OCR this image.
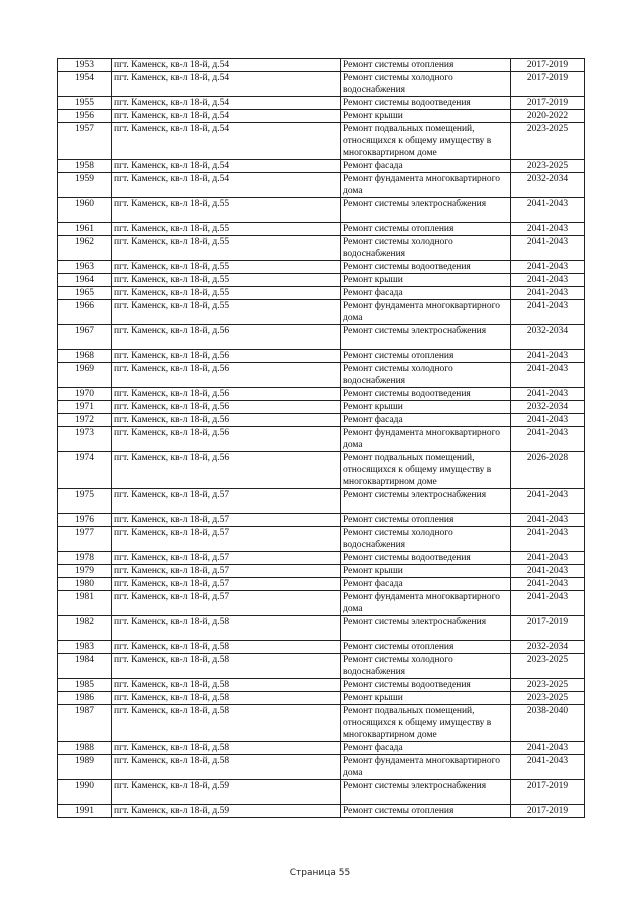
1953	пгт. Каменск, кв-л 18-й, д.54	Ремонт системы отопления	2017-2019
1954	пгт. Каменск, кв-л 18-й, д.54	Ремонт системы холодного водоснабжения	2017-2019
1955	пгт. Каменск, кв-л 18-й, д.54	Ремонт системы водоотведения	2017-2019
1956	пгт. Каменск, кв-л 18-й, д.54	Ремонт крыши	2020-2022
1957	пгт. Каменск, кв-л 18-й, д.54	Ремонт подвальных помещений, относящихся к общему имуществу в многоквартирном доме	2023-2025
1958	пгт. Каменск, кв-л 18-й, д.54	Ремонт фасада	2023-2025
1959	пгт. Каменск, кв-л 18-й, д.54	Ремонт фундамента многоквартирного дома	2032-2034
1960	пгт. Каменск, кв-л 18-й, д.55	Ремонт системы электроснабжения	2041-2043
1961	пгт. Каменск, кв-л 18-й, д.55	Ремонт системы отопления	2041-2043
1962	пгт. Каменск, кв-л 18-й, д.55	Ремонт системы холодного водоснабжения	2041-2043
1963	пгт. Каменск, кв-л 18-й, д.55	Ремонт системы водоотведения	2041-2043
1964	пгт. Каменск, кв-л 18-й, д.55	Ремонт крыши	2041-2043
1965	пгт. Каменск, кв-л 18-й, д.55	Ремонт фасада	2041-2043
1966	пгт. Каменск, кв-л 18-й, д.55	Ремонт фундамента многоквартирного дома	2041-2043
1967	пгт. Каменск, кв-л 18-й, д.56	Ремонт системы электроснабжения	2032-2034
1968	пгт. Каменск, кв-л 18-й, д.56	Ремонт системы отопления	2041-2043
1969	пгт. Каменск, кв-л 18-й, д.56	Ремонт системы холодного водоснабжения	2041-2043
1970	пгт. Каменск, кв-л 18-й, д.56	Ремонт системы водоотведения	2041-2043
1971	пгт. Каменск, кв-л 18-й, д.56	Ремонт крыши	2032-2034
1972	пгт. Каменск, кв-л 18-й, д.56	Ремонт фасада	2041-2043
1973	пгт. Каменск, кв-л 18-й, д.56	Ремонт фундамента многоквартирного дома	2041-2043
1974	пгт. Каменск, кв-л 18-й, д.56	Ремонт подвальных помещений, относящихся к общему имуществу в многоквартирном доме	2026-2028
1975	пгт. Каменск, кв-л 18-й, д.57	Ремонт системы электроснабжения	2041-2043
1976	пгт. Каменск, кв-л 18-й, д.57	Ремонт системы отопления	2041-2043
1977	пгт. Каменск, кв-л 18-й, д.57	Ремонт системы холодного водоснабжения	2041-2043
1978	пгт. Каменск, кв-л 18-й, д.57	Ремонт системы водоотведения	2041-2043
1979	пгт. Каменск, кв-л 18-й, д.57	Ремонт крыши	2041-2043
1980	пгт. Каменск, кв-л 18-й, д.57	Ремонт фасада	2041-2043
1981	пгт. Каменск, кв-л 18-й, д.57	Ремонт фундамента многоквартирного дома	2041-2043
1982	пгт. Каменск, кв-л 18-й, д.58	Ремонт системы электроснабжения	2017-2019
1983	пгт. Каменск, кв-л 18-й, д.58	Ремонт системы отопления	2032-2034
1984	пгт. Каменск, кв-л 18-й, д.58	Ремонт системы холодного водоснабжения	2023-2025
1985	пгт. Каменск, кв-л 18-й, д.58	Ремонт системы водоотведения	2023-2025
1986	пгт. Каменск, кв-л 18-й, д.58	Ремонт крыши	2023-2025
1987	пгт. Каменск, кв-л 18-й, д.58	Ремонт подвальных помещений, относящихся к общему имуществу в многоквартирном доме	2038-2040
1988	пгт. Каменск, кв-л 18-й, д.58	Ремонт фасада	2041-2043
1989	пгт. Каменск, кв-л 18-й, д.58	Ремонт фундамента многоквартирного дома	2041-2043
1990	пгт. Каменск, кв-л 18-й, д.59	Ремонт системы электроснабжения	2017-2019
1991	пгт. Каменск, кв-л 18-й, д.59	Ремонт системы отопления	2017-2019
Страница 55
